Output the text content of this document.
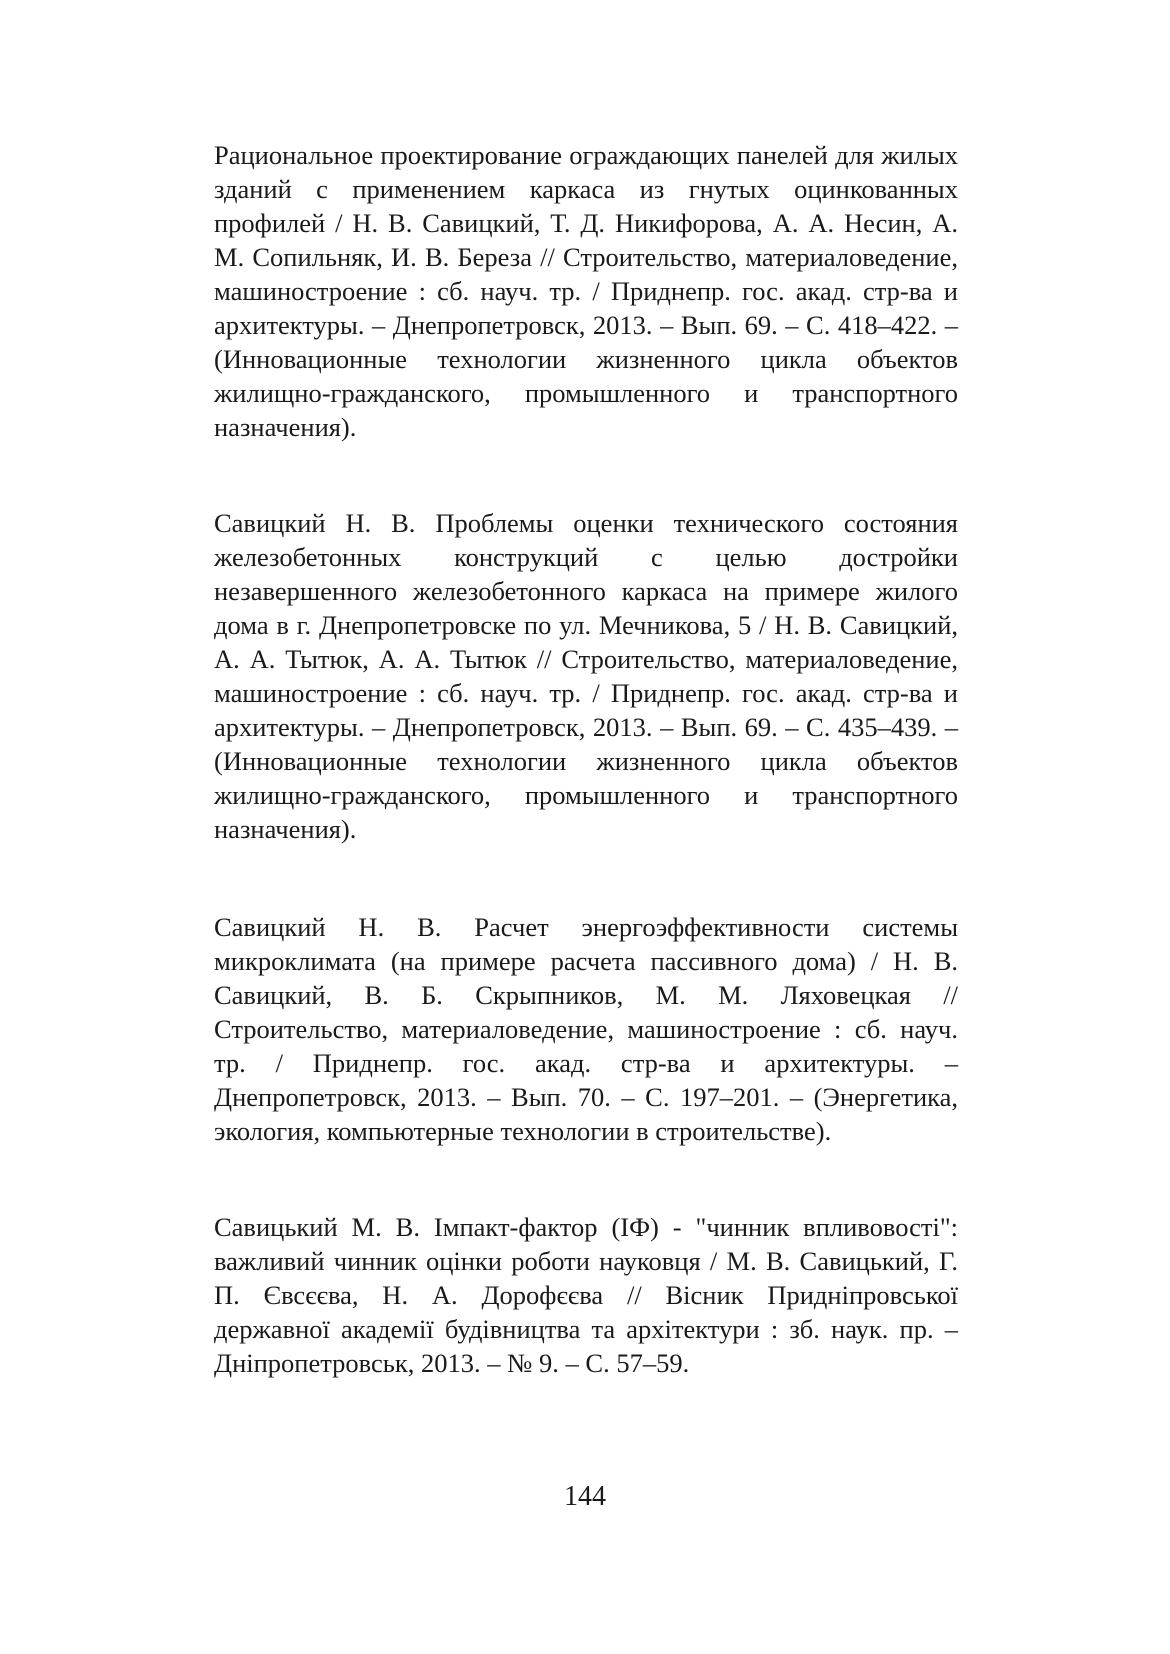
Рациональное проектирование ограждающих панелей для жилых зданий с применением каркаса из гнутых оцинкованных профилей / Н. В. Савицкий, Т. Д. Никифорова, А. А. Несин, А. М. Сопильняк, И. В. Береза // Строительство, материаловедение, машиностроение : сб. науч. тр. / Приднепр. гос. акад. стр-ва и архитектуры. – Днепропетровск, 2013. – Вып. 69. – С. 418–422. – (Инновационные технологии жизненного цикла объектов жилищно-гражданского, промышленного и транспортного назначения).

Савицкий Н. В. Проблемы оценки технического состояния железобетонных конструкций с целью достройки незавершенного железобетонного каркаса на примере жилого дома в г. Днепропетровске по ул. Мечникова, 5 / Н. В. Савицкий, А. А. Тытюк, А. А. Тытюк // Строительство, материаловедение, машиностроение : сб. науч. тр. / Приднепр. гос. акад. стр-ва и архитектуры. – Днепропетровск, 2013. – Вып. 69. – С. 435–439. – (Инновационные технологии жизненного цикла объектов жилищно-гражданского, промышленного и транспортного назначения).

Савицкий Н. В. Расчет энергоэффективности системы микроклимата (на примере расчета пассивного дома) / Н. В. Савицкий, В. Б. Скрыпников, М. М. Ляховецкая // Строительство, материаловедение, машиностроение : сб. науч. тр. / Приднепр. гос. акад. стр-ва и архитектуры. – Днепропетровск, 2013. – Вып. 70. – С. 197–201. – (Энергетика, экология, компьютерные технологии в строительстве).

Савицький М. В. Імпакт-фактор (ІФ) - "чинник впливовості": важливий чинник оцінки роботи науковця / М. В. Савицький, Г. П. Євсєєва, Н. А. Дорофєєва // Вісник Придніпровської державної академії будівництва та архітектури : зб. наук. пр. – Дніпропетровськ, 2013. – № 9. – С. 57–59.

144
